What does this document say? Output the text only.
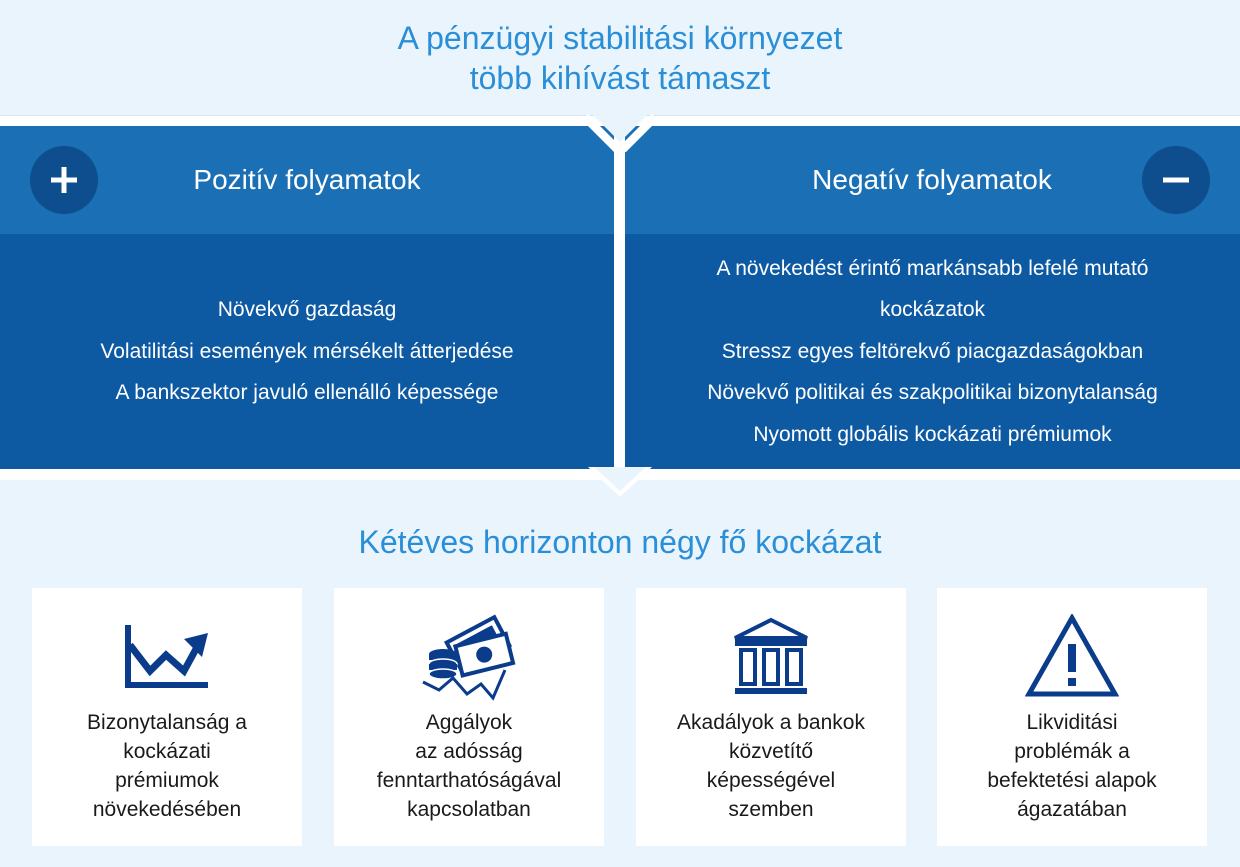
A pénzügyi stabilitási környezet
több kihívást támaszt
Növekvő gazdaság
Volatilitási események mérsékelt átterjedése
A bankszektor javuló ellenálló képessége
A növekedést érintő markánsabb lefelé mutató
kockázatok
Stressz egyes feltörekvő piacgazdaságokban
Növekvő politikai és szakpolitikai bizonytalanság
Nyomott globális kockázati prémiumok
Pozitív folyamatok	Negatív folyamatok
Kétéves horizonton négy fő kockázat
Bizonytalanság a
kockázati
prémiumok
növekedésében
Aggályok
az adósság
fenntarthatóságával
kapcsolatban
Akadályok a bankok
közvetítő
képességével
szemben
Likviditási
problémák a
befektetési alapok
ágazatában
